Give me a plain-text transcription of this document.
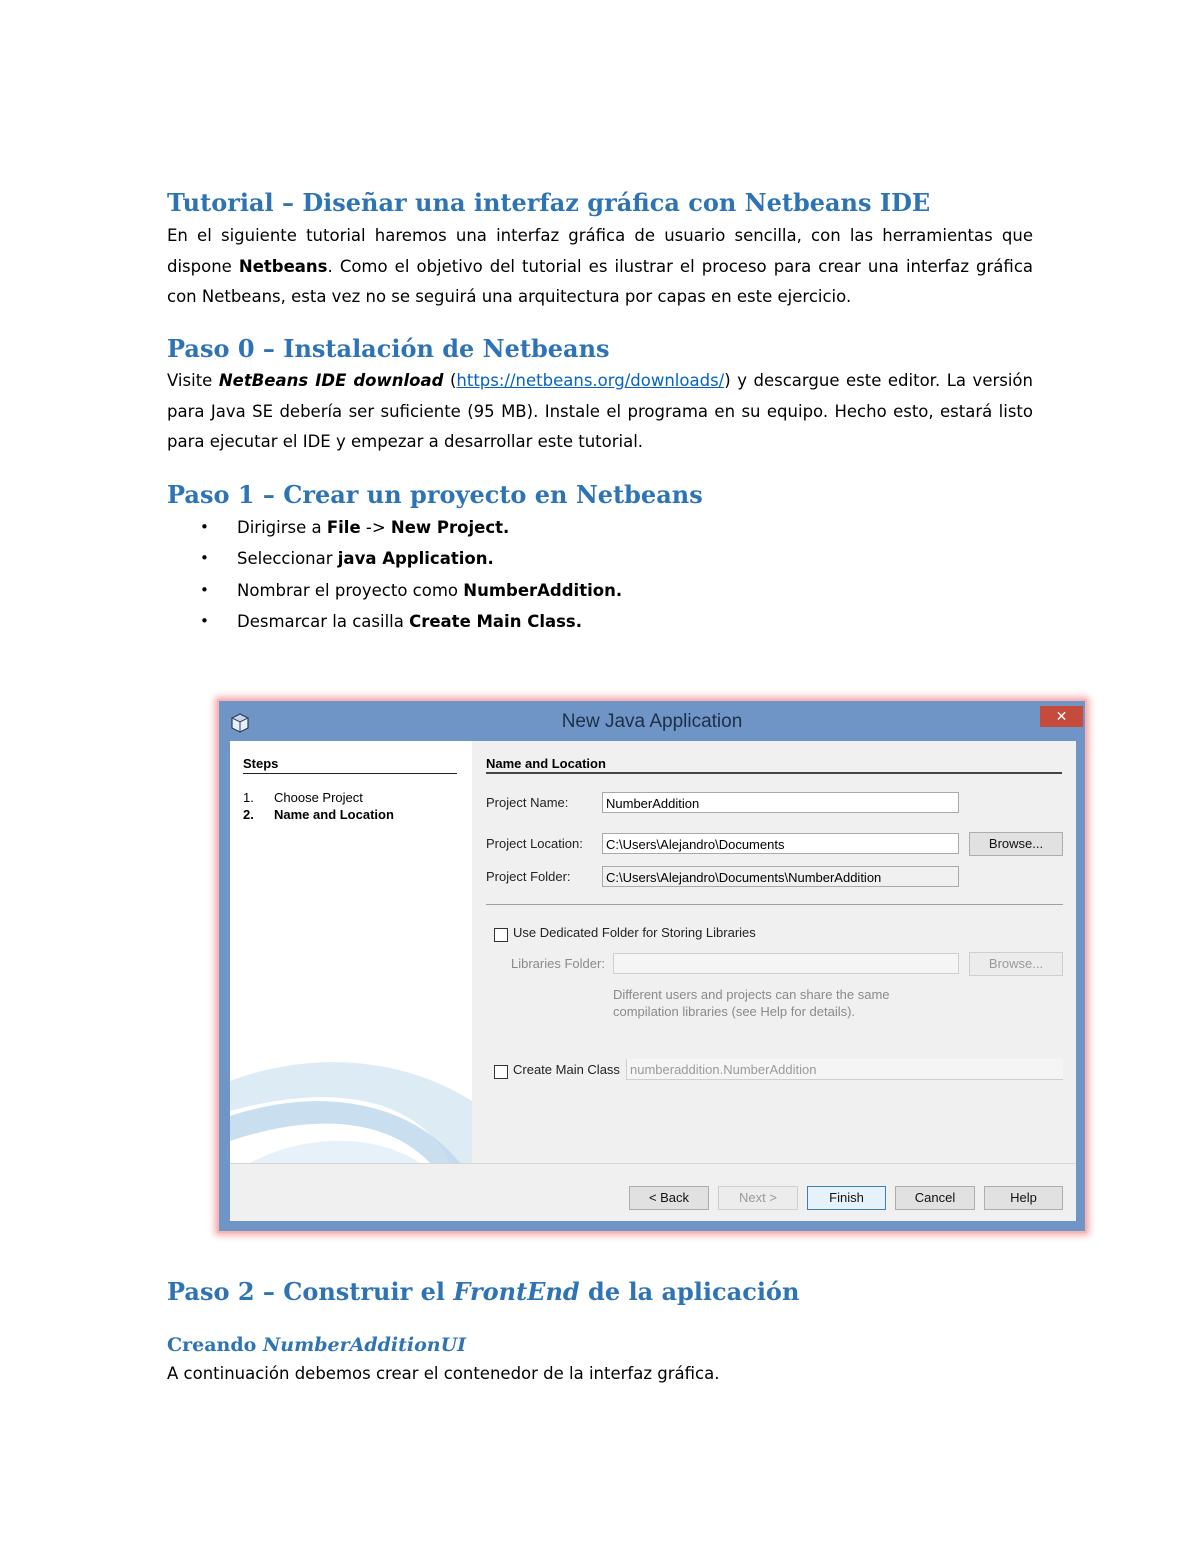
Tutorial – Diseñar una interfaz gráfica con Netbeans IDE

En el siguiente tutorial haremos una interfaz gráfica de usuario sencilla, con las herramientas que dispone Netbeans. Como el objetivo del tutorial es ilustrar el proceso para crear una interfaz gráfica con Netbeans, esta vez no se seguirá una arquitectura por capas en este ejercicio.

Paso 0 – Instalación de Netbeans

Visite NetBeans IDE download (https://netbeans.org/downloads/) y descargue este editor. La versión para Java SE debería ser suficiente (95 MB). Instale el programa en su equipo. Hecho esto, estará listo para ejecutar el IDE y empezar a desarrollar este tutorial.

Paso 1 – Crear un proyecto en Netbeans
• Dirigirse a File -> New Project.
• Seleccionar java Application.
• Nombrar el proyecto como NumberAddition.
• Desmarcar la casilla Create Main Class.
New Java Application	✕
Steps
1. Choose Project
2. Name and Location
Name and Location
Project Name:	NumberAddition
Project Location:	C:\Users\Alejandro\Documents	Browse...
Project Folder:	C:\Users\Alejandro\Documents\NumberAddition
Use Dedicated Folder for Storing Libraries
Libraries Folder:	Browse...
Different users and projects can share the same
compilation libraries (see Help for details).
Create Main Class numberaddition.NumberAddition
< Back	Next >	Finish	Cancel	Help
Paso 2 – Construir el FrontEnd de la aplicación
Creando NumberAdditionUI

A continuación debemos crear el contenedor de la interfaz gráfica.
